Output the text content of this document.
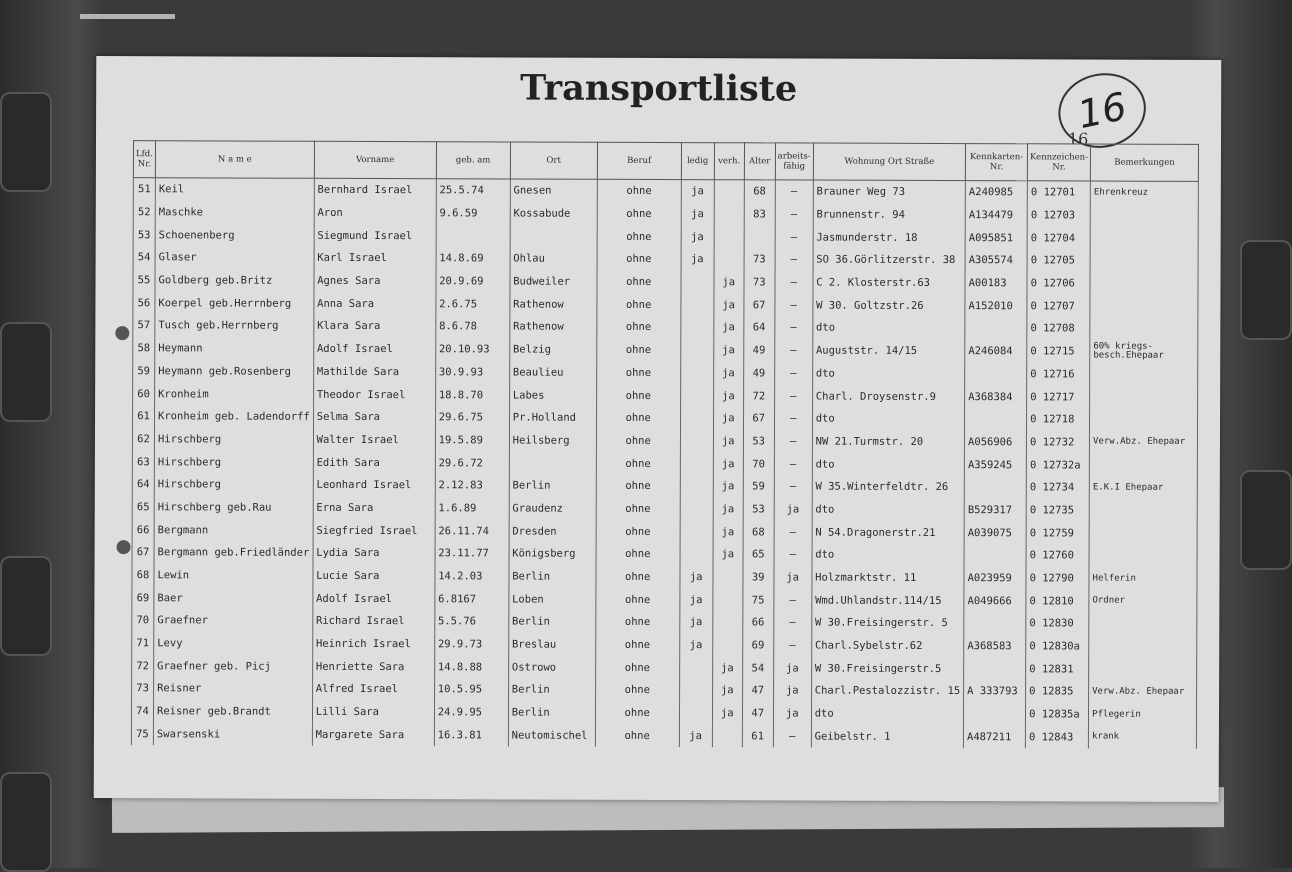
Transportliste	16
16
Lfd. Nr.	N a m e	Vorname	geb. am	Ort	Beruf	ledig	verh.	Alter	arbeits-fähig	Wohnung Ort Straße	Kennkarten-Nr.	Kennzeichen-Nr.	Bemerkungen
51	Keil	Bernhard Israel	25.5.74	Gnesen	ohne	ja		68	–	Brauner Weg 73	A240985	0 12701	Ehrenkreuz
52	Maschke	Aron	9.6.59	Kossabude	ohne	ja		83	–	Brunnenstr. 94	A134479	0 12703	
53	Schoenenberg	Siegmund Israel			ohne	ja			–	Jasmunderstr. 18	A095851	0 12704	
54	Glaser	Karl Israel	14.8.69	Ohlau	ohne	ja		73	–	SO 36.Görlitzerstr. 38	A305574	0 12705	
55	Goldberg geb.Britz	Agnes Sara	20.9.69	Budweiler	ohne		ja	73	–	C 2. Klosterstr.63	A00183	0 12706	
56	Koerpel geb.Herrnberg	Anna Sara	2.6.75	Rathenow	ohne		ja	67	–	W 30. Goltzstr.26	A152010	0 12707	
57	Tusch geb.Herrnberg	Klara Sara	8.6.78	Rathenow	ohne		ja	64	–	dto		0 12708	
58	Heymann	Adolf Israel	20.10.93	Belzig	ohne		ja	49	–	Auguststr. 14/15	A246084	0 12715	60% kriegs-besch.Ehepaar
59	Heymann geb.Rosenberg	Mathilde Sara	30.9.93	Beaulieu	ohne		ja	49	–	dto		0 12716	
60	Kronheim	Theodor Israel	18.8.70	Labes	ohne		ja	72	–	Charl. Droysenstr.9	A368384	0 12717	
61	Kronheim geb. Ladendorff	Selma Sara	29.6.75	Pr.Holland	ohne		ja	67	–	dto		0 12718	
62	Hirschberg	Walter Israel	19.5.89	Heilsberg	ohne		ja	53	–	NW 21.Turmstr. 20	A056906	0 12732	Verw.Abz. Ehepaar
63	Hirschberg	Edith Sara	29.6.72		ohne		ja	70	–	dto	A359245	0 12732a	
64	Hirschberg	Leonhard Israel	2.12.83	Berlin	ohne		ja	59	–	W 35.Winterfeldtr. 26		0 12734	E.K.I Ehepaar
65	Hirschberg geb.Rau	Erna Sara	1.6.89	Graudenz	ohne		ja	53	ja	dto	B529317	0 12735	
66	Bergmann	Siegfried Israel	26.11.74	Dresden	ohne		ja	68	–	N 54.Dragonerstr.21	A039075	0 12759	
67	Bergmann geb.Friedländer	Lydia Sara	23.11.77	Königsberg	ohne		ja	65	–	dto		0 12760	
68	Lewin	Lucie Sara	14.2.03	Berlin	ohne	ja		39	ja	Holzmarktstr. 11	A023959	0 12790	Helferin
69	Baer	Adolf Israel	6.8167	Loben	ohne	ja		75	–	Wmd.Uhlandstr.114/15	A049666	0 12810	Ordner
70	Graefner	Richard Israel	5.5.76	Berlin	ohne	ja		66	–	W 30.Freisingerstr. 5		0 12830	
71	Levy	Heinrich Israel	29.9.73	Breslau	ohne	ja		69	–	Charl.Sybelstr.62	A368583	0 12830a	
72	Graefner geb. Picj	Henriette Sara	14.8.88	Ostrowo	ohne		ja	54	ja	W 30.Freisingerstr.5		0 12831	
73	Reisner	Alfred Israel	10.5.95	Berlin	ohne		ja	47	ja	Charl.Pestalozzistr. 15	A 333793	0 12835	Verw.Abz. Ehepaar
74	Reisner geb.Brandt	Lilli Sara	24.9.95	Berlin	ohne		ja	47	ja	dto		0 12835a	Pflegerin
75	Swarsenski	Margarete Sara	16.3.81	Neutomischel	ohne	ja		61	–	Geibelstr. 1	A487211	0 12843	krank
